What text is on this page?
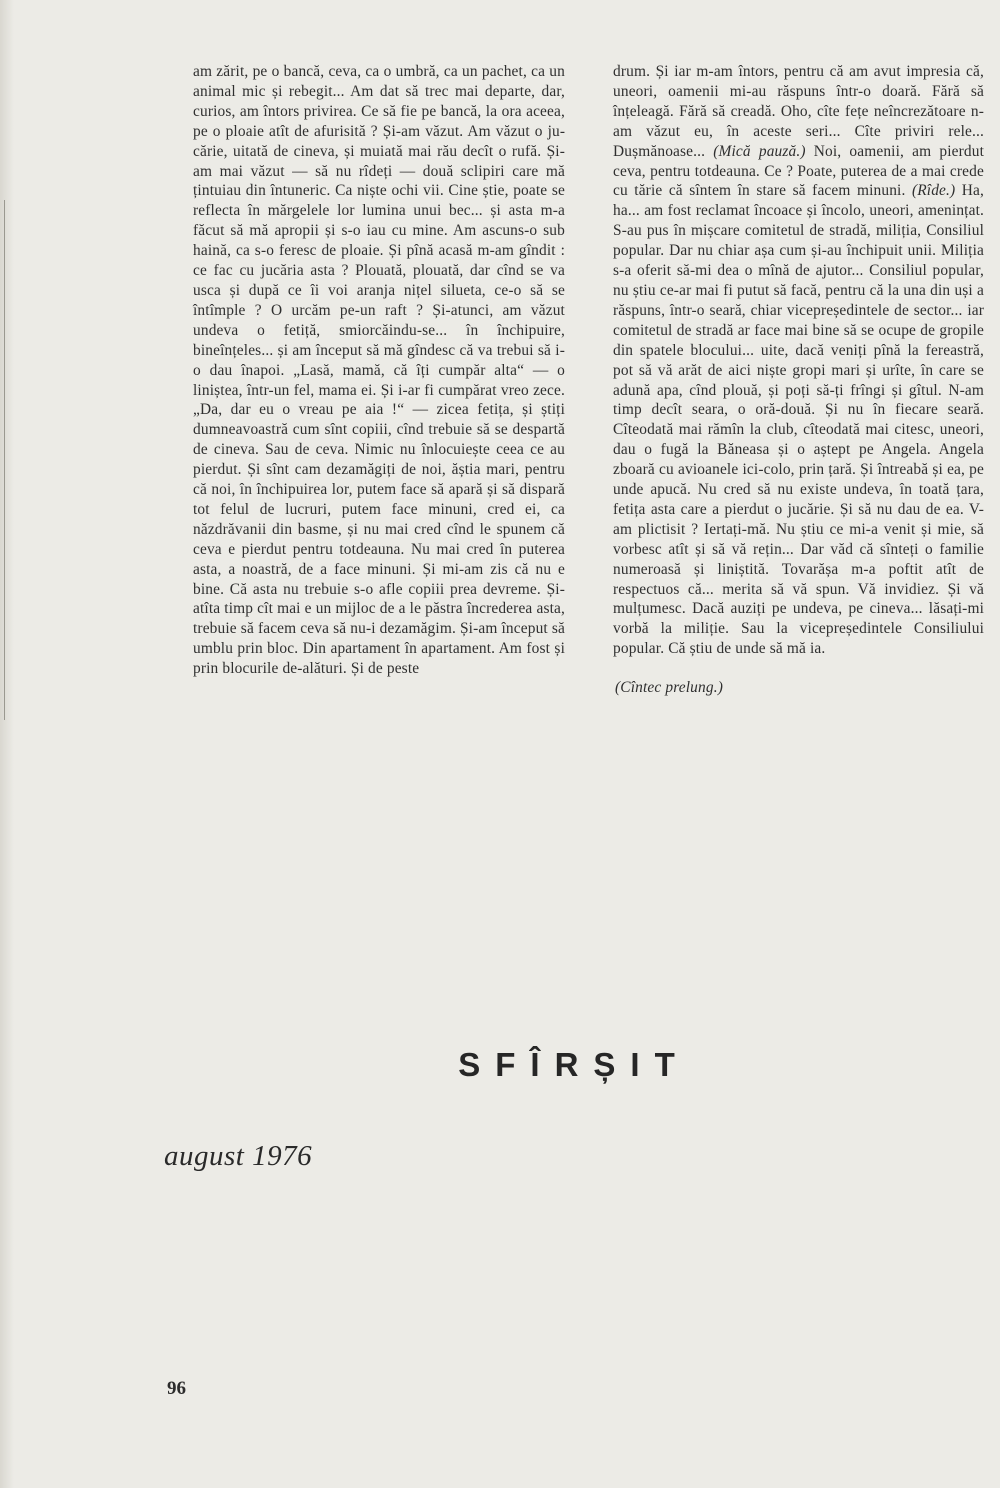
am zărit, pe o bancă, ceva, ca o umbră, ca un pachet, ca un animal mic și rebegit... Am dat să trec mai departe, dar, curios, am întors privirea. Ce să fie pe bancă, la ora aceea, pe o ploaie atît de afurisită ? Și-am văzut. Am văzut o jucărie, uitată de cineva, și muiată mai rău decît o rufă. Și-am mai văzut — să nu rîdeți — două sclipiri care mă țintuiau din întuneric. Ca niște ochi vii. Cine știe, poate se reflecta în mărgelele lor lumina unui bec... și asta m-a făcut să mă apropii și s-o iau cu mine. Am ascuns-o sub haină, ca s-o feresc de ploaie. Și pînă acasă m-am gîndit : ce fac cu jucăria asta ? Plouată, plouată, dar cînd se va usca și după ce îi voi aranja nițel silueta, ce-o să se întîmple ? O urcăm pe-un raft ? Și-atunci, am văzut undeva o fetiță, smiorcăindu-se... în închipuire, bineînțeles... și am început să mă gîndesc că va trebui să i-o dau înapoi. „Lasă, mamă, că îți cumpăr alta“ — o liniștea, într-un fel, mama ei. Și i-ar fi cumpărat vreo zece. „Da, dar eu o vreau pe aia !“ — zicea fetița, și știți dumneavoastră cum sînt copiii, cînd trebuie să se despartă de cineva. Sau de ceva. Nimic nu înlocuiește ceea ce au pierdut. Și sînt cam dezamăgiți de noi, ăștia mari, pentru că noi, în închipuirea lor, putem face să apară și să dispară tot felul de lucruri, putem face minuni, cred ei, ca năzdrăvanii din basme, și nu mai cred cînd le spunem că ceva e pierdut pentru totdeauna. Nu mai cred în puterea asta, a noastră, de a face minuni. Și mi-am zis că nu e bine. Că asta nu trebuie s-o afle copiii prea devreme. Și-atîta timp cît mai e un mijloc de a le păstra încrederea asta, trebuie să facem ceva să nu-i dezamăgim. Și-am început să umblu prin bloc. Din apartament în apartament. Am fost și prin blocurile de-alături. Și de peste

drum. Și iar m-am întors, pentru că am avut impresia că, uneori, oamenii mi-au răspuns într-o doară. Fără să înțeleagă. Fără să creadă. Oho, cîte fețe neîncrezătoare n-am văzut eu, în aceste seri... Cîte priviri rele... Dușmănoase... (Mică pauză.) Noi, oamenii, am pierdut ceva, pentru totdeauna. Ce ? Poate, puterea de a mai crede cu tărie că sîntem în stare să facem minuni. (Rîde.) Ha, ha... am fost reclamat încoace și încolo, uneori, amenințat. S-au pus în mișcare comitetul de stradă, miliția, Consiliul popular. Dar nu chiar așa cum și-au închipuit unii. Miliția s-a oferit să-mi dea o mînă de ajutor... Consiliul popular, nu știu ce-ar mai fi putut să facă, pentru că la una din uși a răspuns, într-o seară, chiar vicepreședintele de sector... iar comitetul de stradă ar face mai bine să se ocupe de gropile din spatele blocului... uite, dacă veniți pînă la fereastră, pot să vă arăt de aici niște gropi mari și urîte, în care se adună apa, cînd plouă, și poți să-ți frîngi și gîtul. N-am timp decît seara, o oră-două. Și nu în fiecare seară. Cîteodată mai rămîn la club, cîteodată mai citesc, uneori, dau o fugă la Băneasa și o aștept pe Angela. Angela zboară cu avioanele ici-colo, prin țară. Și întreabă și ea, pe unde apucă. Nu cred să nu existe undeva, în toată țara, fetița asta care a pierdut o jucărie. Și să nu dau de ea. V-am plictisit ? Iertați-mă. Nu știu ce mi-a venit și mie, să vorbesc atît și să vă rețin... Dar văd că sînteți o familie numeroasă și liniștită. Tovarășa m-a poftit atît de respectuos că... merita să vă spun. Vă invidiez. Și vă mulțumesc. Dacă auziți pe undeva, pe cineva... lăsați-mi vorbă la miliție. Sau la vicepreședintele Consiliului popular. Că știu de unde să mă ia.

(Cîntec prelung.)

SFÎRȘIT
august 1976
96
